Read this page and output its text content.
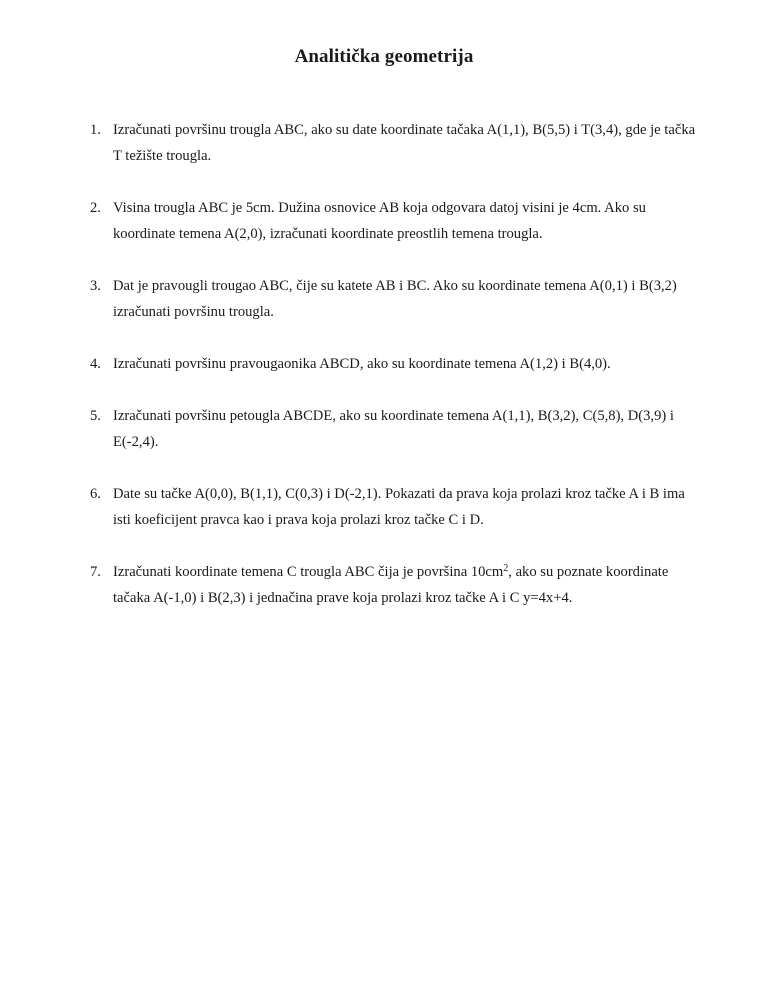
Analitička geometrija
1. Izračunati površinu trougla ABC, ako su date koordinate tačaka A(1,1), B(5,5) i T(3,4), gde je tačka T težište trougla.
2. Visina trougla ABC je 5cm. Dužina osnovice AB koja odgovara datoj visini je 4cm. Ako su koordinate temena A(2,0), izračunati koordinate preostlih temena trougla.
3. Dat je pravougli trougao ABC, čije su katete AB i BC. Ako su koordinate temena A(0,1) i B(3,2) izračunati površinu trougla.
4. Izračunati površinu pravougaonika ABCD, ako su koordinate temena A(1,2) i B(4,0).
5. Izračunati površinu petougla ABCDE, ako su koordinate temena A(1,1), B(3,2), C(5,8), D(3,9) i E(-2,4).
6. Date su tačke A(0,0), B(1,1), C(0,3) i D(-2,1). Pokazati da prava koja prolazi kroz tačke A i B ima isti koeficijent pravca kao i prava koja prolazi kroz tačke C i D.
7. Izračunati koordinate temena C trougla ABC čija je površina $10cm^2$, ako su poznate koordinate tačaka A(-1,0) i B(2,3) i jednačina prave koja prolazi kroz tačke A i C y=4x+4.
